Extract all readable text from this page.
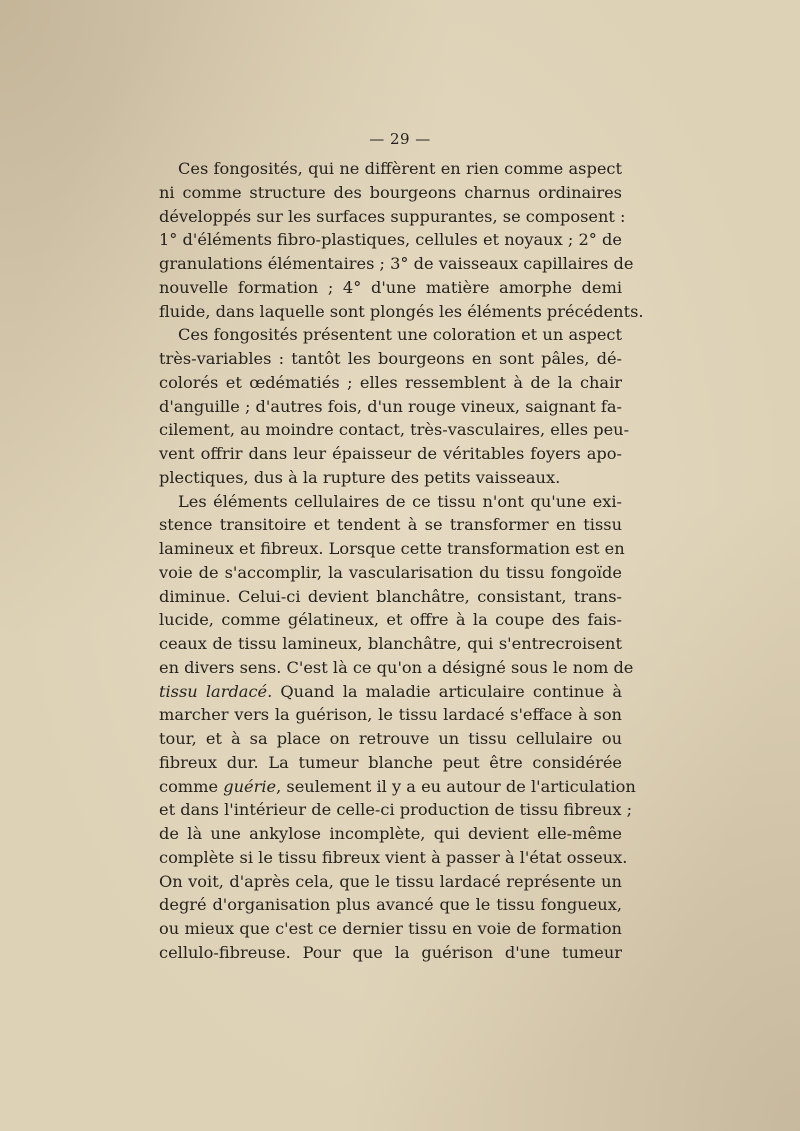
— 29 —
Ces fongosités, qui ne diffèrent en rien comme aspect
ni comme structure des bourgeons charnus ordinaires
développés sur les surfaces suppurantes, se composent :
1° d'éléments fibro-plastiques, cellules et noyaux ; 2° de
granulations élémentaires ; 3° de vaisseaux capillaires de
nouvelle formation ; 4° d'une matière amorphe demi
fluide, dans laquelle sont plongés les éléments précédents.
Ces fongosités présentent une coloration et un aspect
très-variables : tantôt les bourgeons en sont pâles, dé-
colorés et œdématiés ; elles ressemblent à de la chair
d'anguille ; d'autres fois, d'un rouge vineux, saignant fa-
cilement, au moindre contact, très-vasculaires, elles peu-
vent offrir dans leur épaisseur de véritables foyers apo-
plectiques, dus à la rupture des petits vaisseaux.
Les éléments cellulaires de ce tissu n'ont qu'une exi-
stence transitoire et tendent à se transformer en tissu
lamineux et fibreux. Lorsque cette transformation est en
voie de s'accomplir, la vascularisation du tissu fongoïde
diminue. Celui-ci devient blanchâtre, consistant, trans-
lucide, comme gélatineux, et offre à la coupe des fais-
ceaux de tissu lamineux, blanchâtre, qui s'entrecroisent
en divers sens. C'est là ce qu'on a désigné sous le nom de
tissu lardacé. Quand la maladie articulaire continue à
marcher vers la guérison, le tissu lardacé s'efface à son
tour, et à sa place on retrouve un tissu cellulaire ou
fibreux dur. La tumeur blanche peut être considérée
comme guérie, seulement il y a eu autour de l'articulation
et dans l'intérieur de celle-ci production de tissu fibreux ;
de là une ankylose incomplète, qui devient elle-même
complète si le tissu fibreux vient à passer à l'état osseux.
On voit, d'après cela, que le tissu lardacé représente un
degré d'organisation plus avancé que le tissu fongueux,
ou mieux que c'est ce dernier tissu en voie de formation
cellulo-fibreuse. Pour que la guérison d'une tumeur
